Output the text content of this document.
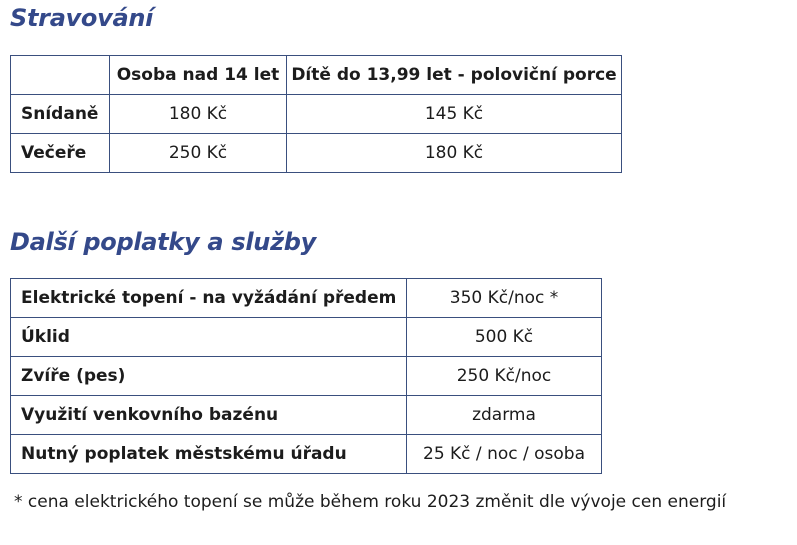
Stravování
	Osoba nad 14 let	Dítě do 13,99 let - poloviční porce
Snídaně	180 Kč	145 Kč
Večeře	250 Kč	180 Kč
Další poplatky a služby
Elektrické topení - na vyžádání předem	350 Kč/noc *
Úklid	500 Kč
Zvíře (pes)	250 Kč/noc
Využití venkovního bazénu	zdarma
Nutný poplatek městskému úřadu	25 Kč / noc / osoba
* cena elektrického topení se může během roku 2023 změnit dle vývoje cen energií
